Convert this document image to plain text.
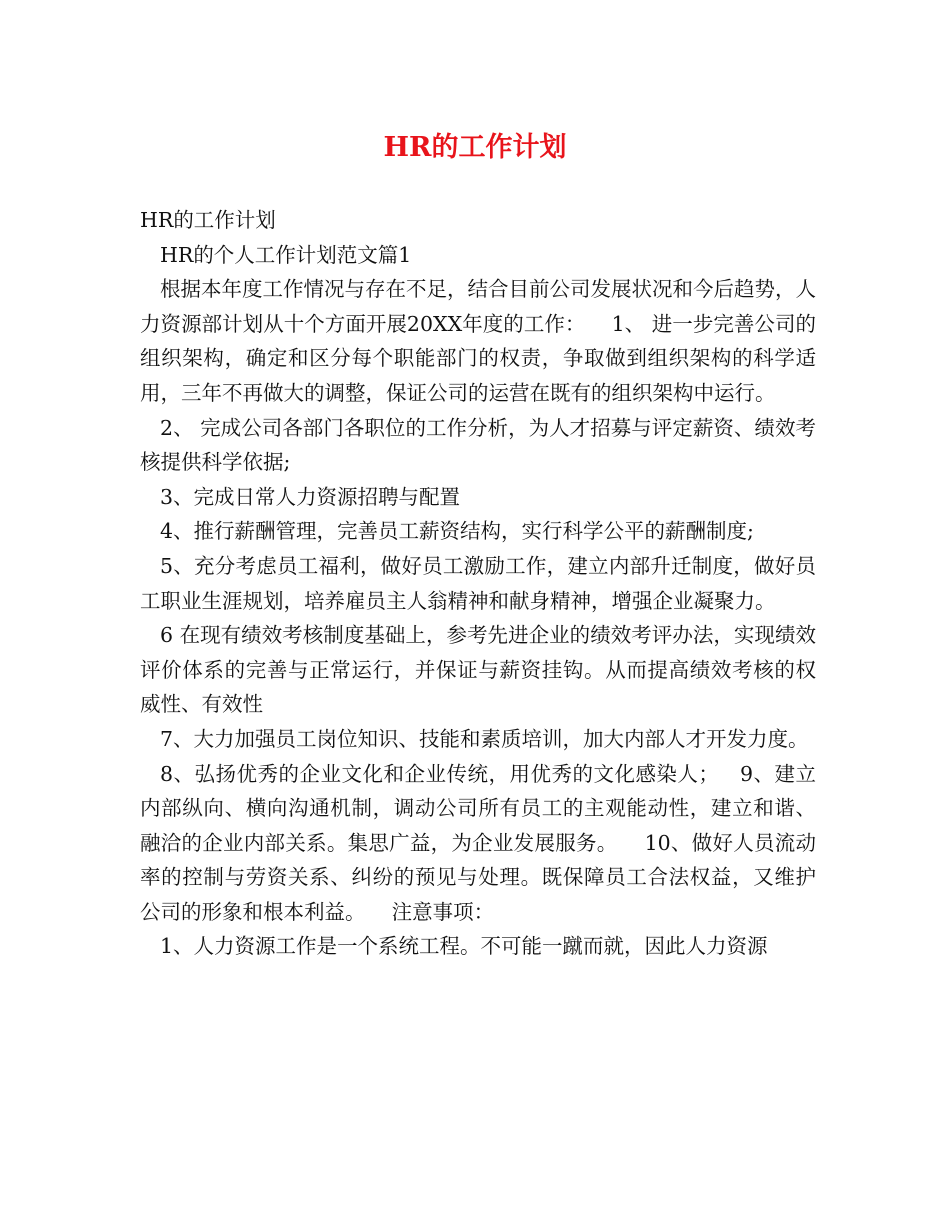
HR的工作计划

HR的工作计划

HR的个人工作计划范文篇1

根据本年度工作情况与存在不足，结合目前公司发展状况和今后趋势，人力资源部计划从十个方面开展20XX年度的工作：    1、 进一步完善公司的组织架构，确定和区分每个职能部门的权责，争取做到组织架构的科学适用，三年不再做大的调整，保证公司的运营在既有的组织架构中运行。

2、 完成公司各部门各职位的工作分析，为人才招募与评定薪资、绩效考核提供科学依据;

3、完成日常人力资源招聘与配置

4、推行薪酬管理，完善员工薪资结构，实行科学公平的薪酬制度;

5、充分考虑员工福利，做好员工激励工作，建立内部升迁制度，做好员工职业生涯规划，培养雇员主人翁精神和献身精神，增强企业凝聚力。

6 在现有绩效考核制度基础上，参考先进企业的绩效考评办法，实现绩效评价体系的完善与正常运行，并保证与薪资挂钩。从而提高绩效考核的权威性、有效性

7、大力加强员工岗位知识、技能和素质培训，加大内部人才开发力度。

8、弘扬优秀的企业文化和企业传统，用优秀的文化感染人；   9、建立内部纵向、横向沟通机制，调动公司所有员工的主观能动性，建立和谐、融洽的企业内部关系。集思广益，为企业发展服务。    10、做好人员流动率的控制与劳资关系、纠纷的预见与处理。既保障员工合法权益，又维护公司的形象和根本利益。    注意事项：

1、人力资源工作是一个系统工程。不可能一蹴而就，因此人力资源
